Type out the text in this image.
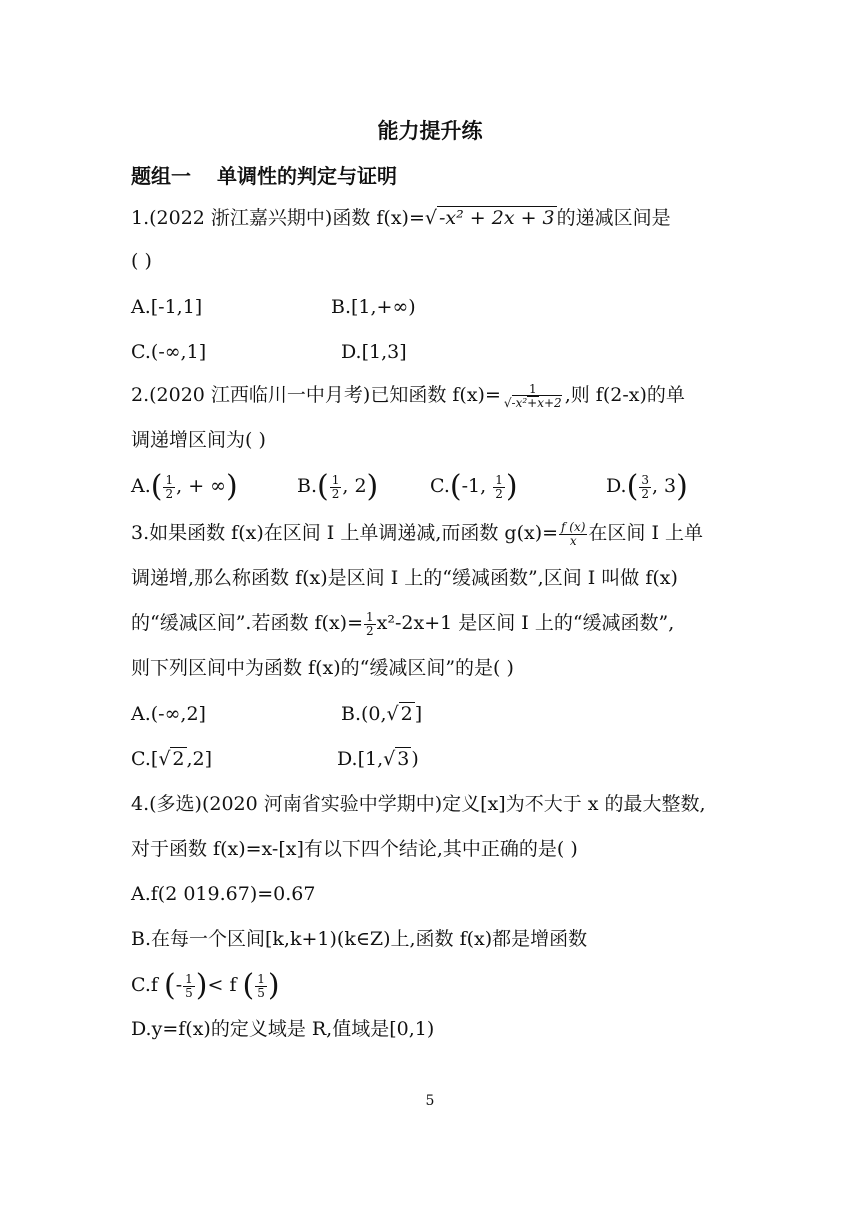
能力提升练
题组一 单调性的判定与证明
1.(2022 浙江嘉兴期中)函数 f(x)=√ -x² + 2x + 3 的递减区间是
( )
A.[-1,1]	B.[1,+∞)
C.(-∞,1]	D.[1,3]
2.(2020 江西临川一中月考)已知函数 $f(x)= \frac{1}{\text{√-x²+x+2}}$ ,则 f(2-x)的单
调递增区间为( )
$A.( \frac{1}{2}$ , + ∞)	$B.( \frac{1}{2}$ , 2)	C.(-1, $\frac{1}{2}$ )	$D.( \frac{3}{2}$ , 3)
3.如果函数 f(x)在区间 I 上单调递减,而函数 $g(x)= \frac{f (x)}{x}$ 在区间 I 上单
调递增,那么称函数 f(x)是区间 I 上的“缓减函数”,区间 I 叫做 f(x)
的“缓减区间”.若函数 $f(x)= \frac{1}{2} x^2-2x+1$ 是区间 I 上的“缓减函数”,
则下列区间中为函数 f(x)的“缓减区间”的是( )
A.(-∞,2]	B.(0,√ 2 ]
C.[√ 2 ,2]	D.[1,√ 3 )
4.(多选)(2020 河南省实验中学期中)定义[x]为不大于 x 的最大整数,
对于函数 f(x)=x-[x]有以下四个结论,其中正确的是( )
A.f(2 019.67)=0.67
B.在每一个区间[k,k+1)(k∈Z)上,函数 f(x)都是增函数
C.f (- $\frac{1}{5}$ )< f ( $\frac{1}{5}$ )
D.y=f(x)的定义域是 R,值域是[0,1)
5
